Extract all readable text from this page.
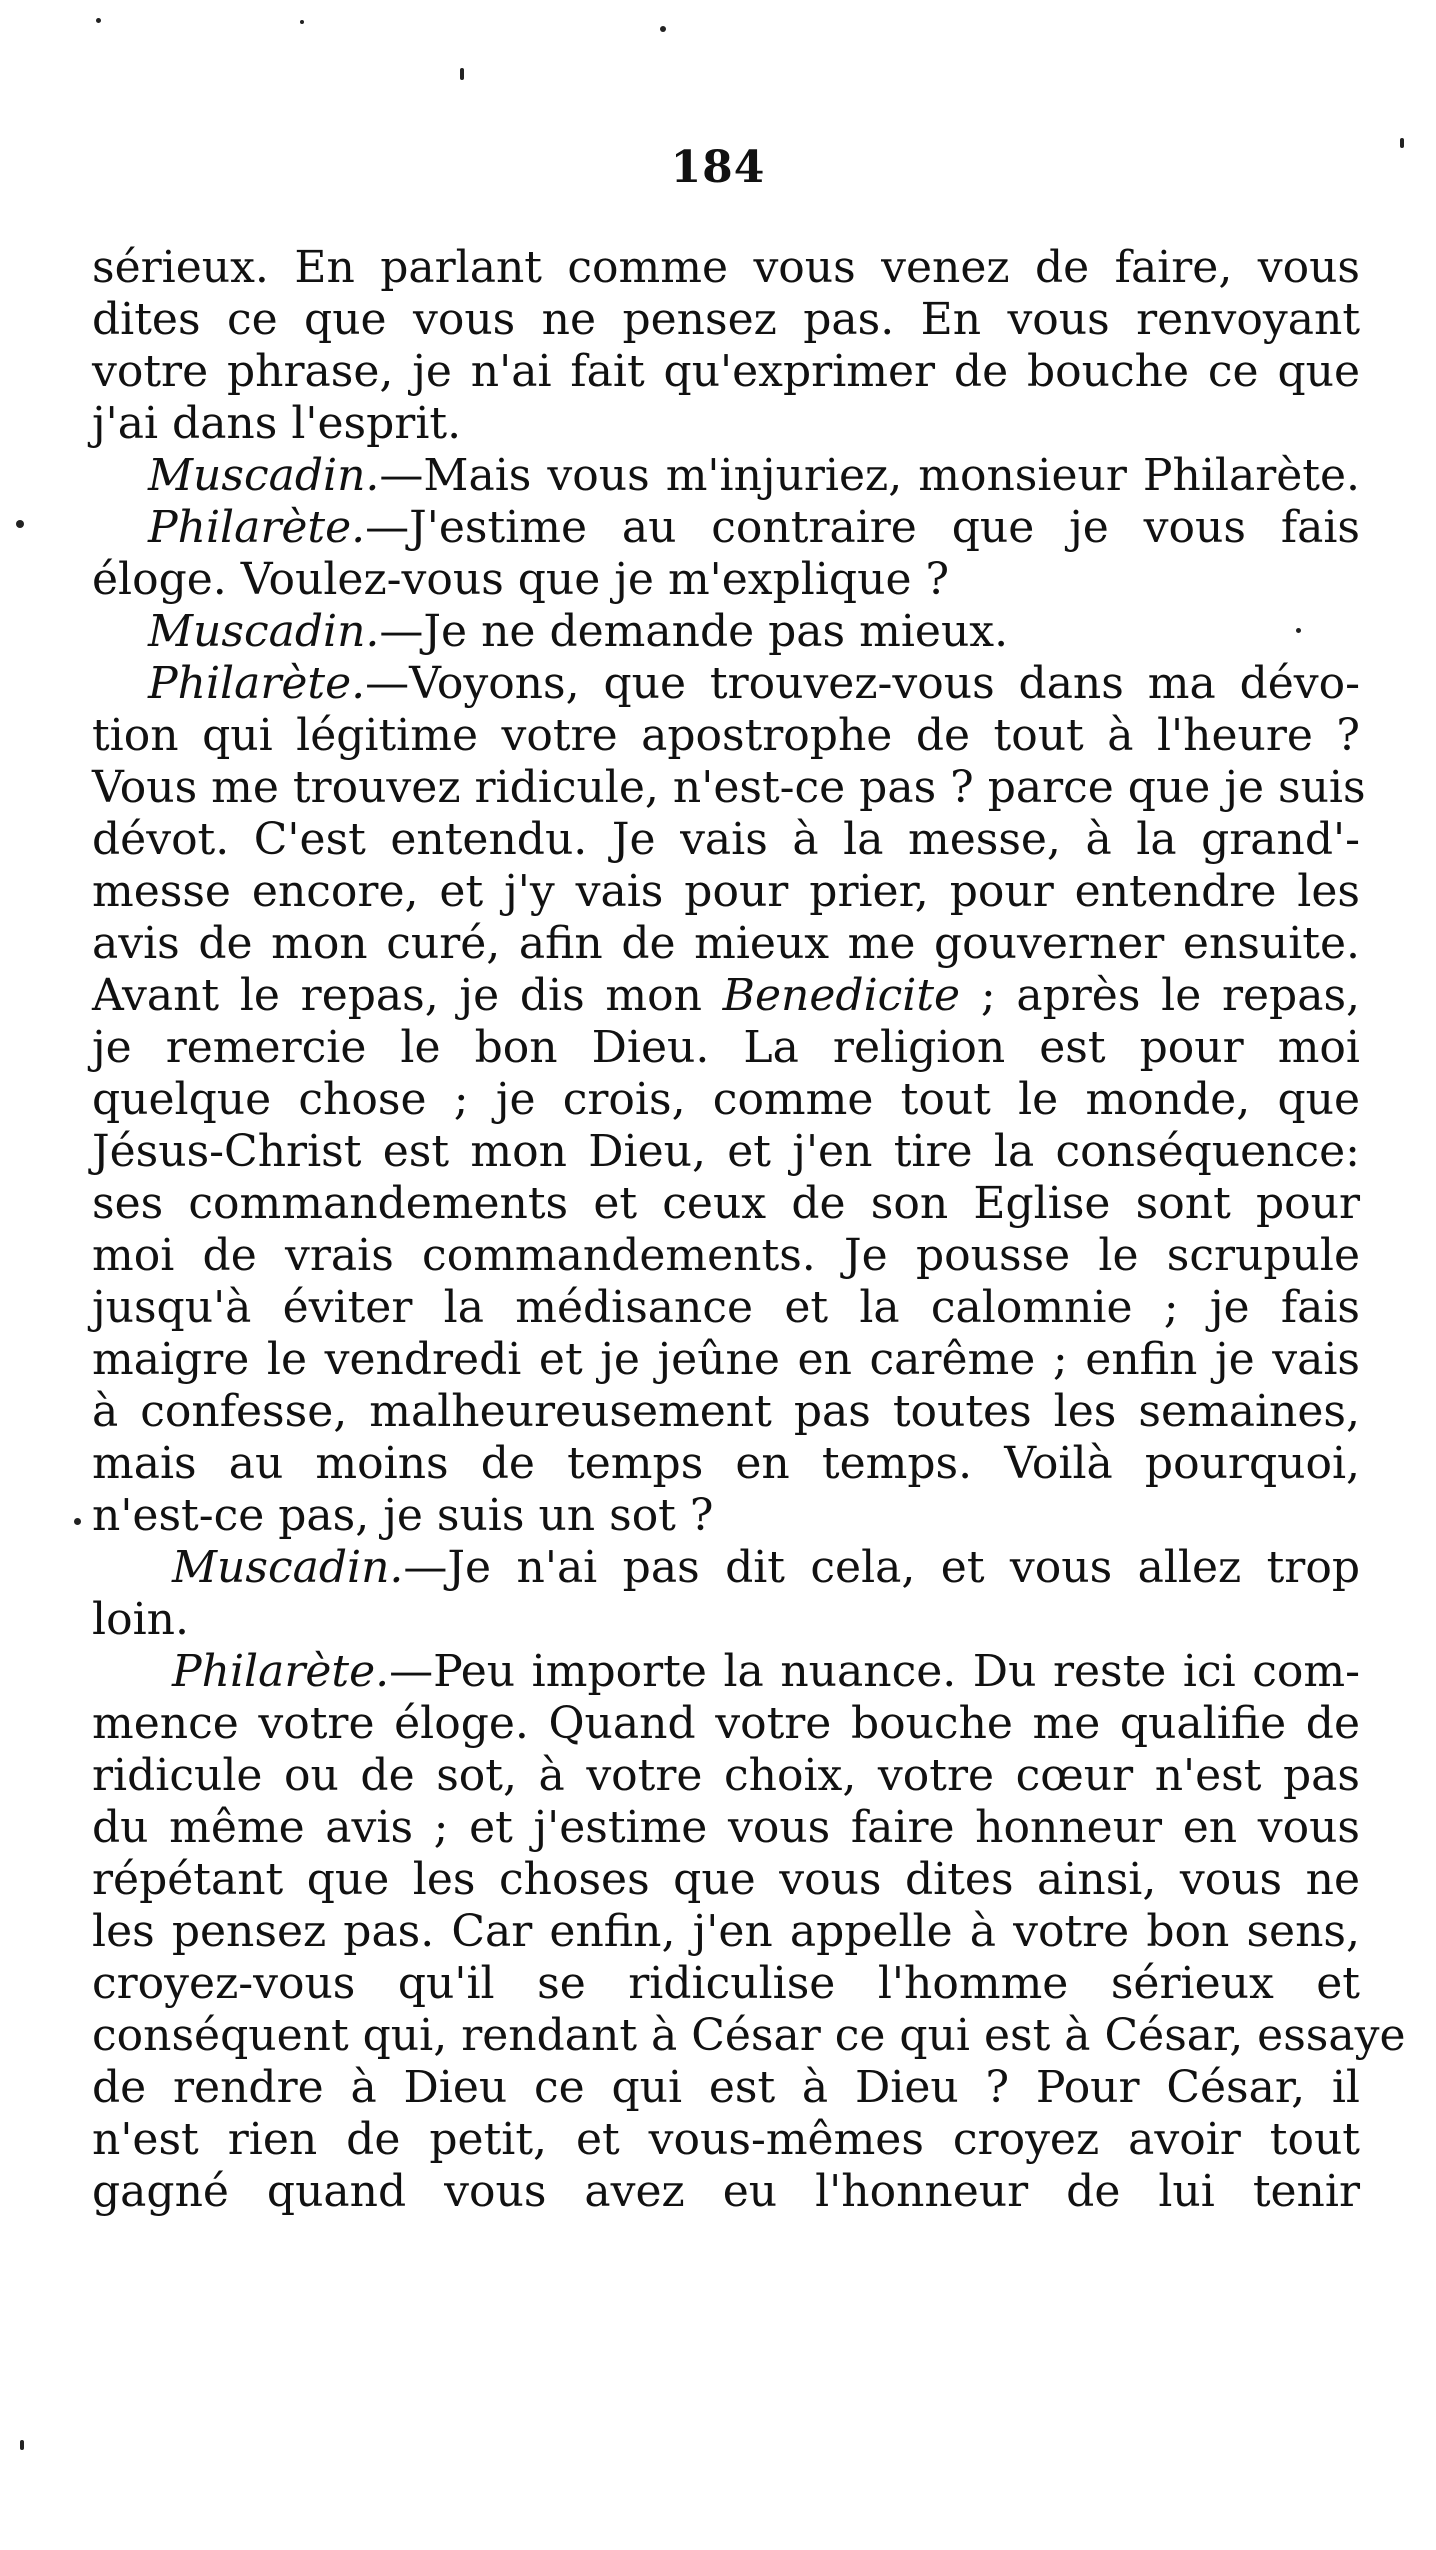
184
sérieux. En parlant comme vous venez de faire, vous
dites ce que vous ne pensez pas. En vous renvoyant
votre phrase, je n'ai fait qu'exprimer de bouche ce que
j'ai dans l'esprit.
Muscadin.—Mais vous m'injuriez, monsieur Philarète.
Philarète.—J'estime au contraire que je vous fais
éloge. Voulez-vous que je m'explique ?
Muscadin.—Je ne demande pas mieux.
Philarète.—Voyons, que trouvez-vous dans ma dévo-
tion qui légitime votre apostrophe de tout à l'heure ?
Vous me trouvez ridicule, n'est-ce pas ? parce que je suis
dévot. C'est entendu. Je vais à la messe, à la grand'-
messe encore, et j'y vais pour prier, pour entendre les
avis de mon curé, afin de mieux me gouverner ensuite.
Avant le repas, je dis mon Benedicite ; après le repas,
je remercie le bon Dieu. La religion est pour moi
quelque chose ; je crois, comme tout le monde, que
Jésus-Christ est mon Dieu, et j'en tire la conséquence:
ses commandements et ceux de son Eglise sont pour
moi de vrais commandements. Je pousse le scrupule
jusqu'à éviter la médisance et la calomnie ; je fais
maigre le vendredi et je jeûne en carême ; enfin je vais
à confesse, malheureusement pas toutes les semaines,
mais au moins de temps en temps. Voilà pourquoi,
n'est-ce pas, je suis un sot ?
Muscadin.—Je n'ai pas dit cela, et vous allez trop
loin.
Philarète.—Peu importe la nuance. Du reste ici com-
mence votre éloge. Quand votre bouche me qualifie de
ridicule ou de sot, à votre choix, votre cœur n'est pas
du même avis ; et j'estime vous faire honneur en vous
répétant que les choses que vous dites ainsi, vous ne
les pensez pas. Car enfin, j'en appelle à votre bon sens,
croyez-vous qu'il se ridiculise l'homme sérieux et
conséquent qui, rendant à César ce qui est à César, essaye
de rendre à Dieu ce qui est à Dieu ? Pour César, il
n'est rien de petit, et vous-mêmes croyez avoir tout
gagné quand vous avez eu l'honneur de lui tenir
